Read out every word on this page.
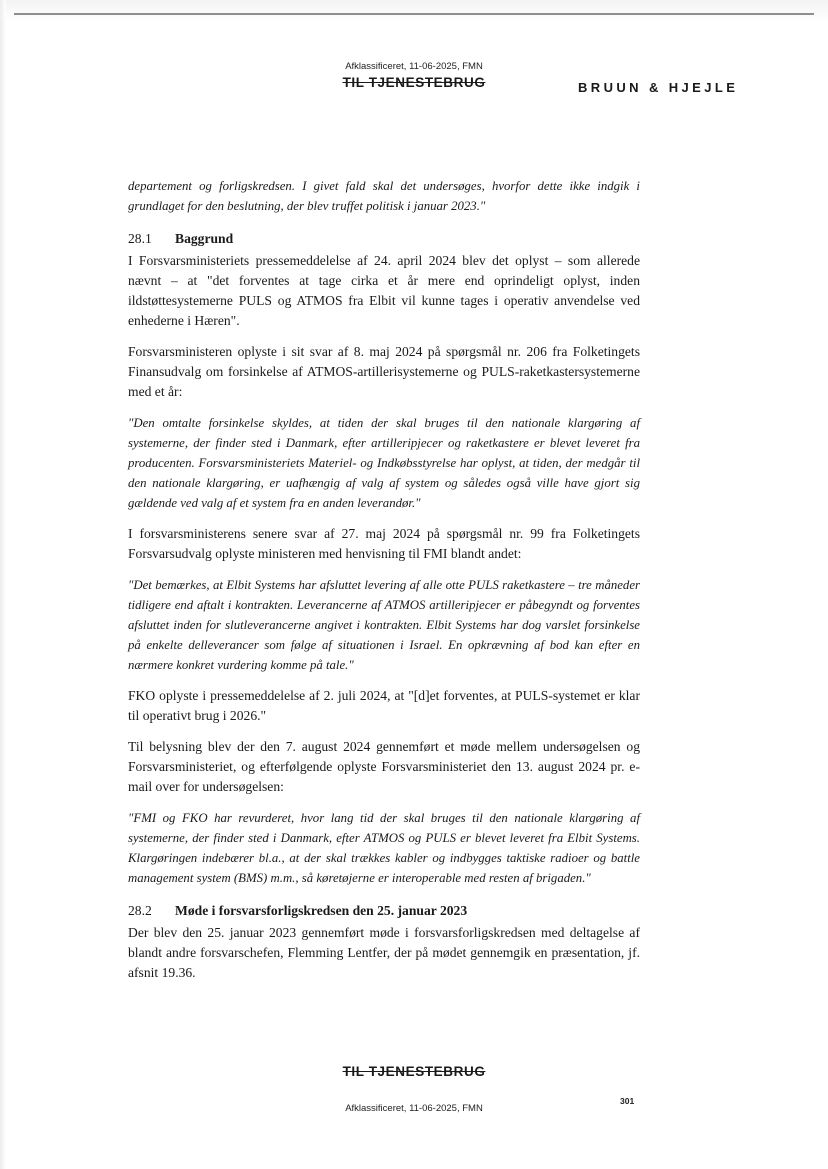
Afklassificeret, 11-06-2025, FMN
TIL TJENESTEBRUG	BRUUN & HJEJLE

departement og forligskredsen. I givet fald skal det undersøges, hvorfor dette ikke indgik i grundlaget for den beslutning, der blev truffet politisk i januar 2023."

28.1	Baggrund

I Forsvarsministeriets pressemeddelelse af 24. april 2024 blev det oplyst – som allerede nævnt – at "det forventes at tage cirka et år mere end oprindeligt oplyst, inden ildstøttesystemerne PULS og ATMOS fra Elbit vil kunne tages i operativ anvendelse ved enhederne i Hæren".

Forsvarsministeren oplyste i sit svar af 8. maj 2024 på spørgsmål nr. 206 fra Folketingets Finansudvalg om forsinkelse af ATMOS-artillerisystemerne og PULS-raketkastersystemerne med et år:

"Den omtalte forsinkelse skyldes, at tiden der skal bruges til den nationale klargøring af systemerne, der finder sted i Danmark, efter artilleripjecer og raketkastere er blevet leveret fra producenten. Forsvarsministeriets Materiel- og Indkøbsstyrelse har oplyst, at tiden, der medgår til den nationale klargøring, er uafhængig af valg af system og således også ville have gjort sig gældende ved valg af et system fra en anden leverandør."

I forsvarsministerens senere svar af 27. maj 2024 på spørgsmål nr. 99 fra Folketingets Forsvarsudvalg oplyste ministeren med henvisning til FMI blandt andet:

"Det bemærkes, at Elbit Systems har afsluttet levering af alle otte PULS raketkastere – tre måneder tidligere end aftalt i kontrakten. Leverancerne af ATMOS artilleripjecer er påbegyndt og forventes afsluttet inden for slutleverancerne angivet i kontrakten. Elbit Systems har dog varslet forsinkelse på enkelte delleverancer som følge af situationen i Israel. En opkrævning af bod kan efter en nærmere konkret vurdering komme på tale."

FKO oplyste i pressemeddelelse af 2. juli 2024, at "[d]et forventes, at PULS-systemet er klar til operativt brug i 2026."

Til belysning blev der den 7. august 2024 gennemført et møde mellem undersøgelsen og Forsvarsministeriet, og efterfølgende oplyste Forsvarsministeriet den 13. august 2024 pr. e-mail over for undersøgelsen:

"FMI og FKO har revurderet, hvor lang tid der skal bruges til den nationale klargøring af systemerne, der finder sted i Danmark, efter ATMOS og PULS er blevet leveret fra Elbit Systems. Klargøringen indebærer bl.a., at der skal trækkes kabler og indbygges taktiske radioer og battle management system (BMS) m.m., så køretøjerne er interoperable med resten af brigaden."

28.2	Møde i forsvarsforligskredsen den 25. januar 2023

Der blev den 25. januar 2023 gennemført møde i forsvarsforligskredsen med deltagelse af blandt andre forsvarschefen, Flemming Lentfer, der på mødet gennemgik en præsentation, jf. afsnit 19.36.

TIL TJENESTEBRUG
301
Afklassificeret, 11-06-2025, FMN
